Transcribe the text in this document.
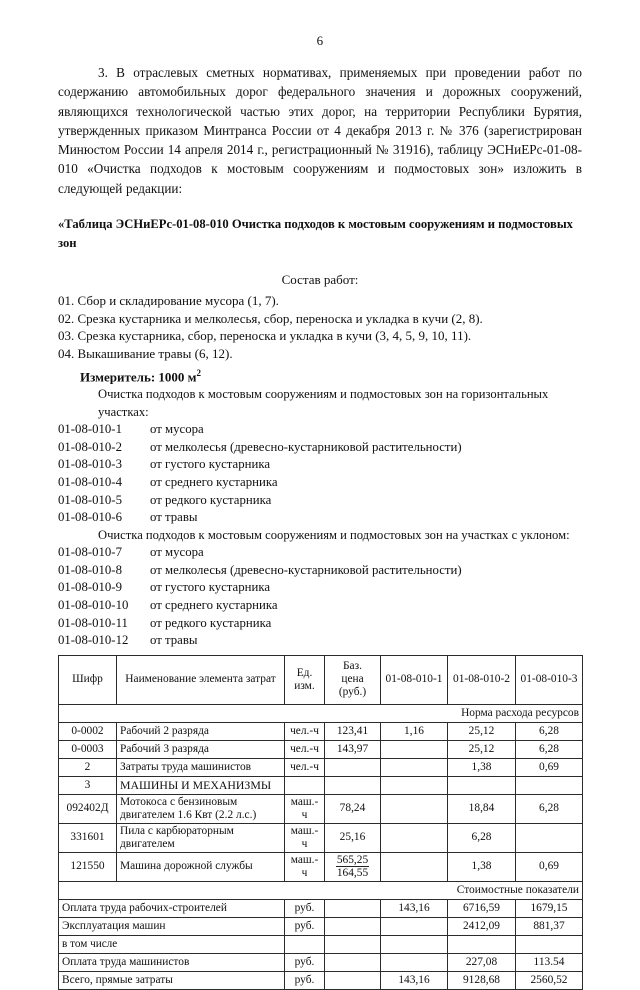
6

3. В отраслевых сметных нормативах, применяемых при проведении работ по содержанию автомобильных дорог федерального значения и дорожных сооружений, являющихся технологической частью этих дорог, на территории Республики Бурятия, утвержденных приказом Минтранса России от 4 декабря 2013 г. № 376 (зарегистрирован Минюстом России 14 апреля 2014 г., регистрационный № 31916), таблицу ЭСНиЕРс-01-08-010 «Очистка подходов к мостовым сооружениям и подмостовых зон» изложить в следующей редакции:

«Таблица ЭСНиЕРс-01-08-010 Очистка подходов к мостовым сооружениям и подмостовых
зон
Состав работ:
01. Сбор и складирование мусора (1, 7).
02. Срезка кустарника и мелколесья, сбор, переноска и укладка в кучи (2, 8).
03. Срезка кустарника, сбор, переноска и укладка в кучи (3, 4, 5, 9, 10, 11).
04. Выкашивание травы (6, 12).
Измеритель: 1000 $м^2$
Очистка подходов к мостовым сооружениям и подмостовых зон на горизонтальных
участках:
01-08-010-1 от мусора
01-08-010-2 от мелколесья (древесно-кустарниковой растительности)
01-08-010-3 от густого кустарника
01-08-010-4 от среднего кустарника
01-08-010-5 от редкого кустарника
01-08-010-6 от травы
Очистка подходов к мостовым сооружениям и подмостовых зон на участках с уклоном:
01-08-010-7 от мусора
01-08-010-8 от мелколесья (древесно-кустарниковой растительности)
01-08-010-9 от густого кустарника
01-08-010-10 от среднего кустарника
01-08-010-11 от редкого кустарника
01-08-010-12 от травы
Шифр	Наименование элемента затрат	Ед.
изм.	Баз.
цена
(руб.)	01-08-010-1	01-08-010-2	01-08-010-3
Норма расхода ресурсов						
0-0002	Рабочий 2 разряда	чел.-ч	123,41	1,16	25,12	6,28
0-0003	Рабочий 3 разряда	чел.-ч	143,97		25,12	6,28
2	Затраты труда машинистов	чел.-ч			1,38	0,69
3	МАШИНЫ И МЕХАНИЗМЫ					
092402Д	Мотокоса с бензиновым
двигателем 1.6 Квт (2.2 л.с.)	маш.-ч	78,24		18,84	6,28
331601	Пила с карбюраторным
двигателем	маш.-ч	25,16		6,28	
121550	Машина дорожной службы	маш.-ч	$\frac{565,25}{164,55}$		1,38	0,69
Стоимостные показатели						
Оплата труда рабочих-строителей		руб.		143,16	6716,59	1679,15
Эксплуатация машин		руб.			2412,09	881,37
в том числе						
Оплата труда машинистов		руб.			227,08	113.54
Всего, прямые затраты		руб.		143,16	9128,68	2560,52
